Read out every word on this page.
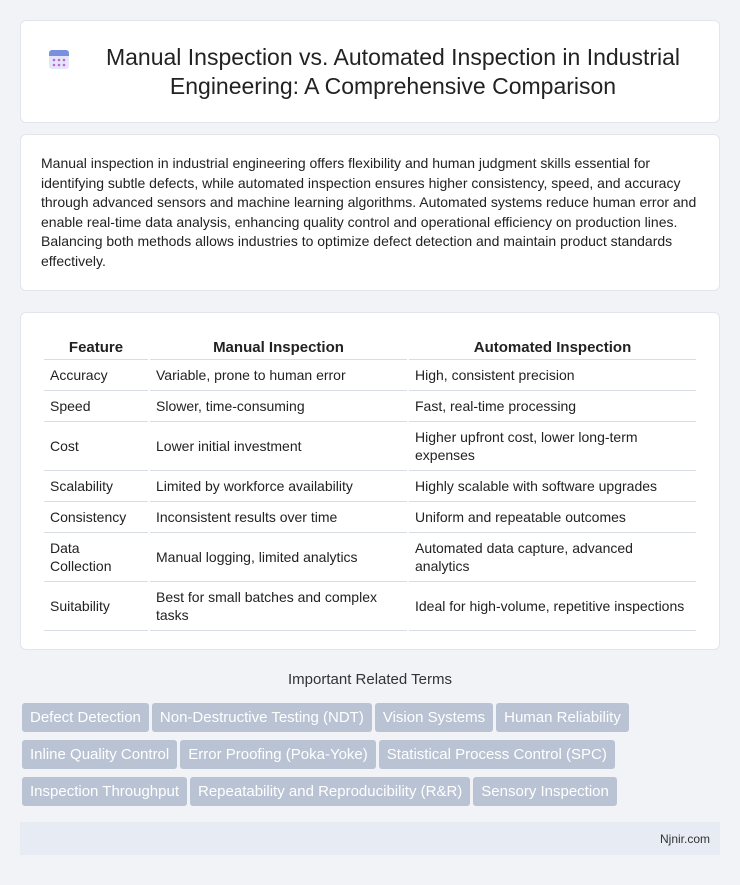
Manual Inspection vs. Automated Inspection in Industrial Engineering: A Comprehensive Comparison

Manual inspection in industrial engineering offers flexibility and human judgment skills essential for identifying subtle defects, while automated inspection ensures higher consistency, speed, and accuracy through advanced sensors and machine learning algorithms. Automated systems reduce human error and enable real-time data analysis, enhancing quality control and operational efficiency on production lines. Balancing both methods allows industries to optimize defect detection and maintain product standards effectively.

Feature	Manual Inspection	Automated Inspection
Accuracy	Variable, prone to human error	High, consistent precision
Speed	Slower, time-consuming	Fast, real-time processing
Cost	Lower initial investment	Higher upfront cost, lower long-term expenses
Scalability	Limited by workforce availability	Highly scalable with software upgrades
Consistency	Inconsistent results over time	Uniform and repeatable outcomes
Data Collection	Manual logging, limited analytics	Automated data capture, advanced analytics
Suitability	Best for small batches and complex tasks	Ideal for high-volume, repetitive inspections
Important Related Terms
Defect Detection Non-Destructive Testing (NDT) Vision Systems Human Reliability
Inline Quality Control Error Proofing (Poka-Yoke) Statistical Process Control (SPC)
Inspection Throughput Repeatability and Reproducibility (R&R) Sensory Inspection
Njnir.com
